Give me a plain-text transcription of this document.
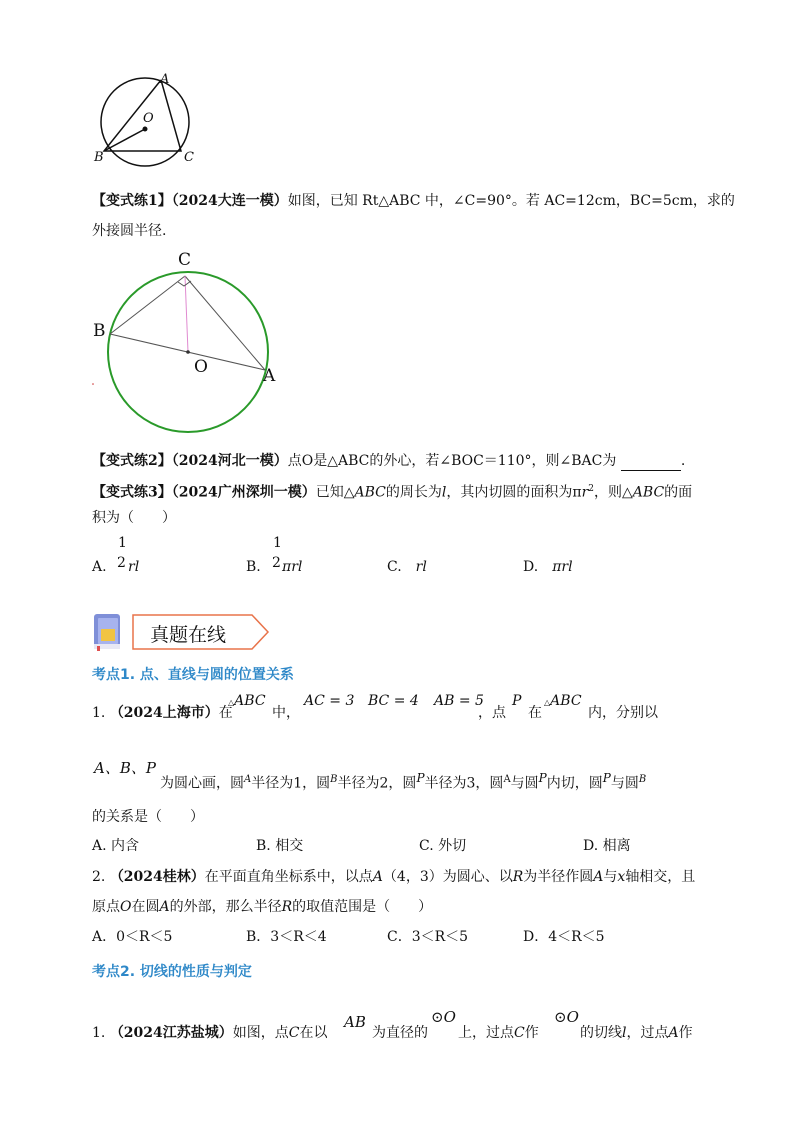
A
O
B	C
【变式练1】（2024大连一模）如图，已知 Rt△ABC 中，∠C=90°。若 AC=12cm，BC=5cm，求的
外接圆半径.
C
B
O	A
【变式练2】（2024河北一模）点O是△ABC的外心，若∠BOC＝110°，则∠BAC为	.
【变式练3】（2024广州深圳一模）已知△ABC的周长为l，其内切圆的面积为$\pi r^2$，则△ABC的面
积为（　　）
A.
1
2 rl	B.
1
2 πrl	C.　 rl	D.　 πrl
真题在线
考点1. 点、直线与圆的位置关系
1. （2024上海市）在
△ABC
中，
AC = 3 BC = 4 AB = 5
，点
P
在
△ABC
内，分别以
A、B、P
为圆心画，圆$^A$半径为1，圆$^B$半径为2，圆$^P$半径为3，圆$^A$与圆$^P$内切，圆$^P$与圆$^B$
的关系是（　　）
A. 内含	B. 相交	C. 外切	D. 相离
2. （2024桂林）在平面直角坐标系中，以点A（4，3）为圆心、以R为半径作圆A与x轴相交，且
原点O在圆A的外部，那么半径R的取值范围是（　　）
A．0＜R＜5	B．3＜R＜4	C．3＜R＜5	D．4＜R＜5
考点2. 切线的性质与判定
1. （2024江苏盐城）如图，点C在以
AB
为直径的
⊙O
上，过点C作
⊙O
的切线l，过点A作
